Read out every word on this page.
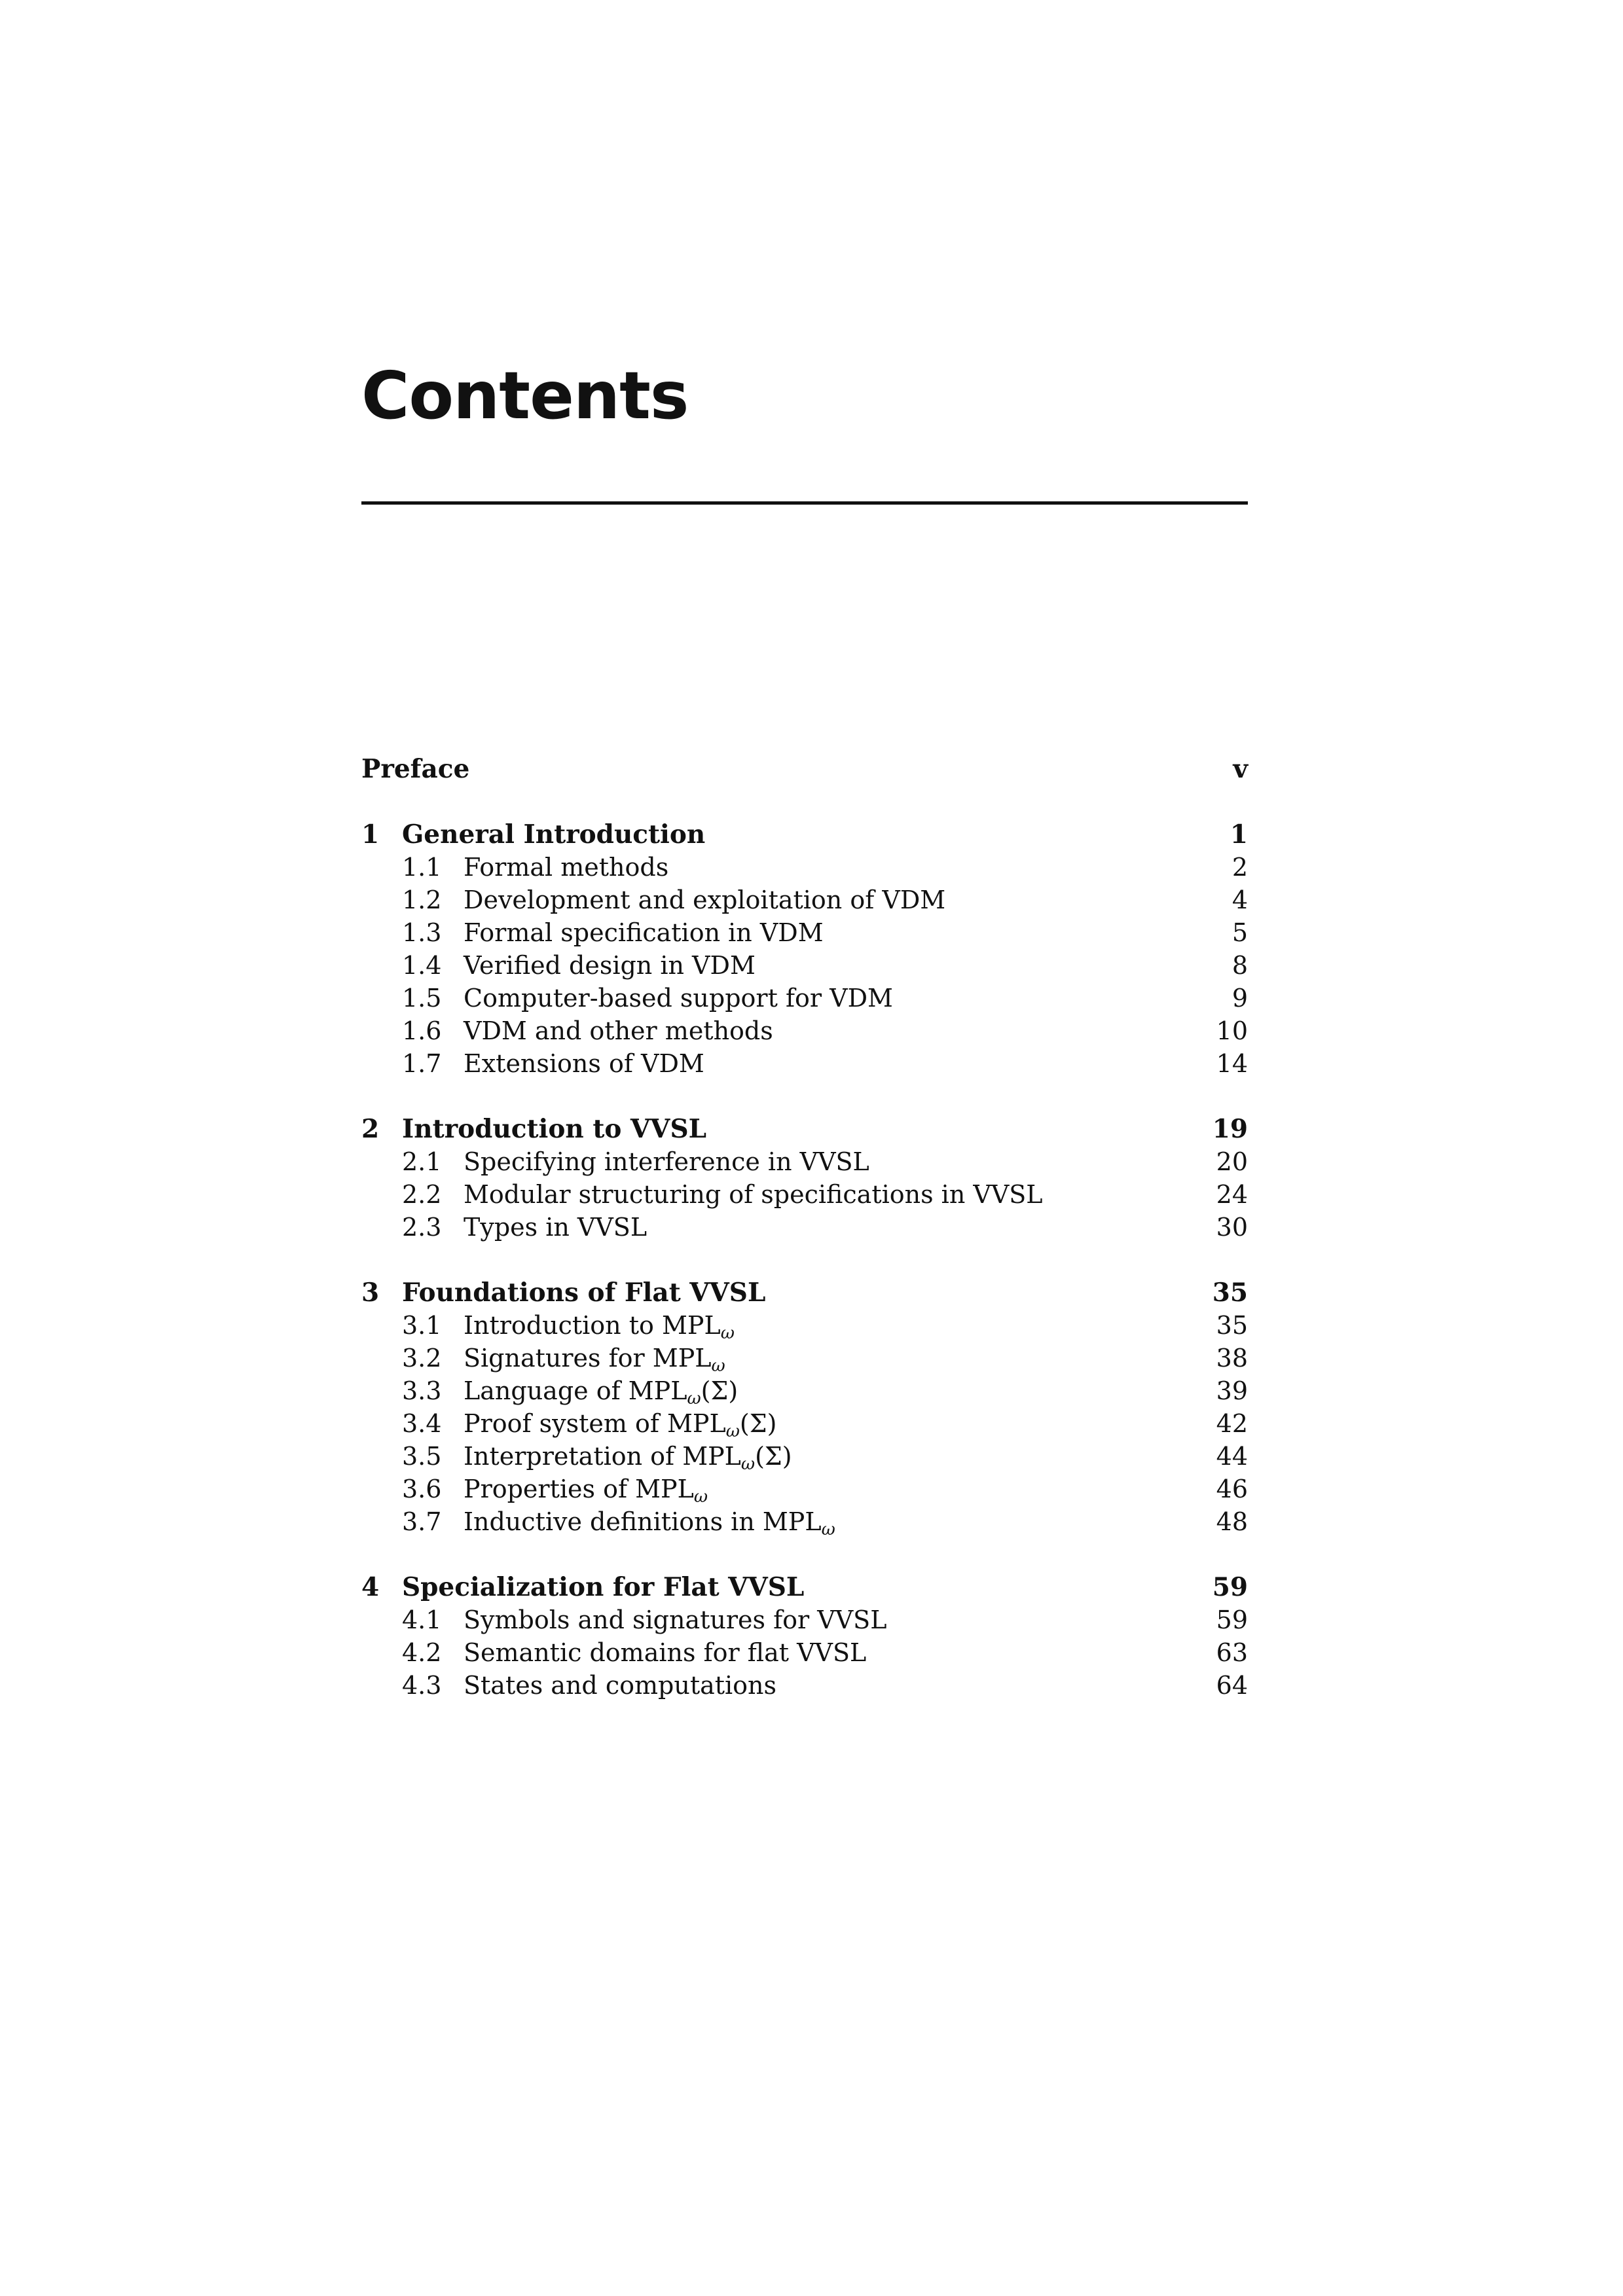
Contents
Preface	v
1 General Introduction	1
1.1 Formal methods	2
1.2 Development and exploitation of VDM	4
1.3 Formal specification in VDM	5
1.4 Verified design in VDM	8
1.5 Computer-based support for VDM	9
1.6 VDM and other methods	10
1.7 Extensions of VDM	14
2 Introduction to VVSL	19
2.1 Specifying interference in VVSL	20
2.2 Modular structuring of specifications in VVSL	24
2.3 Types in VVSL	30
3 Foundations of Flat VVSL	35
3.1 Introduction to $MPL_\omega$	35
3.2 Signatures for $MPL_\omega$	38
3.3 Language of $MPL_\omega(\Sigma)$	39
3.4 Proof system of $MPL_\omega(\Sigma)$	42
3.5 Interpretation of $MPL_\omega(\Sigma)$	44
3.6 Properties of $MPL_\omega$	46
3.7 Inductive definitions in $MPL_\omega$	48
4 Specialization for Flat VVSL	59
4.1 Symbols and signatures for VVSL	59
4.2 Semantic domains for flat VVSL	63
4.3 States and computations	64
